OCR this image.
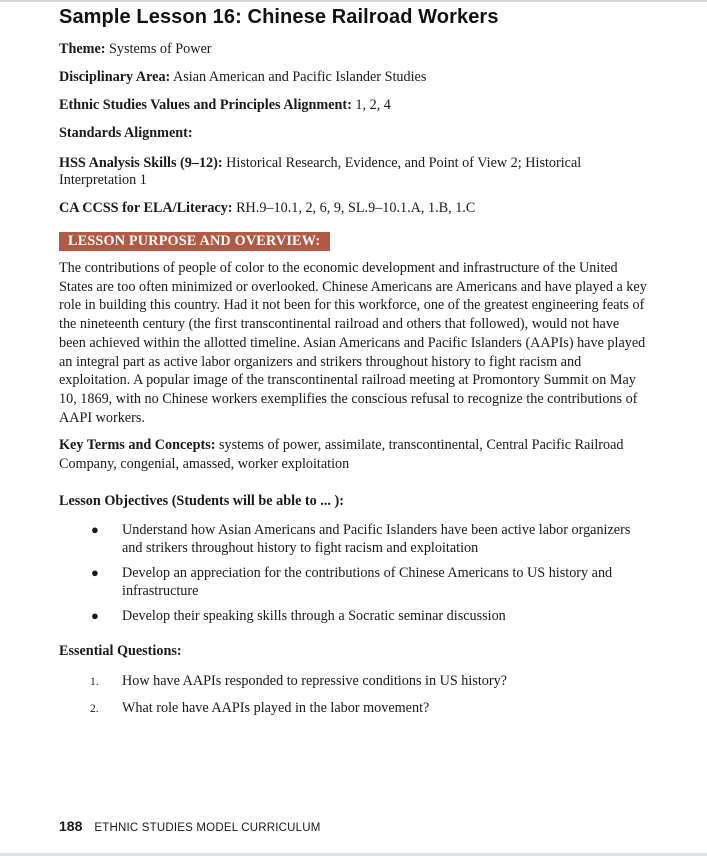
Sample Lesson 16: Chinese Railroad Workers

Theme: Systems of Power

Disciplinary Area: Asian American and Pacific Islander Studies

Ethnic Studies Values and Principles Alignment: 1, 2, 4

Standards Alignment:

HSS Analysis Skills (9–12): Historical Research, Evidence, and Point of View 2; Historical Interpretation 1

CA CCSS for ELA/Literacy: RH.9–10.1, 2, 6, 9, SL.9–10.1.A, 1.B, 1.C

LESSON PURPOSE AND OVERVIEW:

The contributions of people of color to the economic development and infrastructure of the United States are too often minimized or overlooked. Chinese Americans are Americans and have played a key role in building this country. Had it not been for this workforce, one of the greatest engineering feats of the nineteenth century (the first transcontinental railroad and others that followed), would not have been achieved within the allotted timeline. Asian Americans and Pacific Islanders (AAPIs) have played an integral part as active labor organizers and strikers throughout history to fight racism and exploitation. A popular image of the transcontinental railroad meeting at Promontory Summit on May 10, 1869, with no Chinese workers exemplifies the conscious refusal to recognize the contributions of AAPI workers.

Key Terms and Concepts: systems of power, assimilate, transcontinental, Central Pacific Railroad Company, congenial, amassed, worker exploitation

Lesson Objectives (Students will be able to ... ):
● Understand how Asian Americans and Pacific Islanders have been active labor organizers and strikers throughout history to fight racism and exploitation
● Develop an appreciation for the contributions of Chinese Americans to US history and infrastructure
● Develop their speaking skills through a Socratic seminar discussion
Essential Questions:
1. How have AAPIs responded to repressive conditions in US history?
2. What role have AAPIs played in the labor movement?
188 ETHNIC STUDIES MODEL CURRICULUM
